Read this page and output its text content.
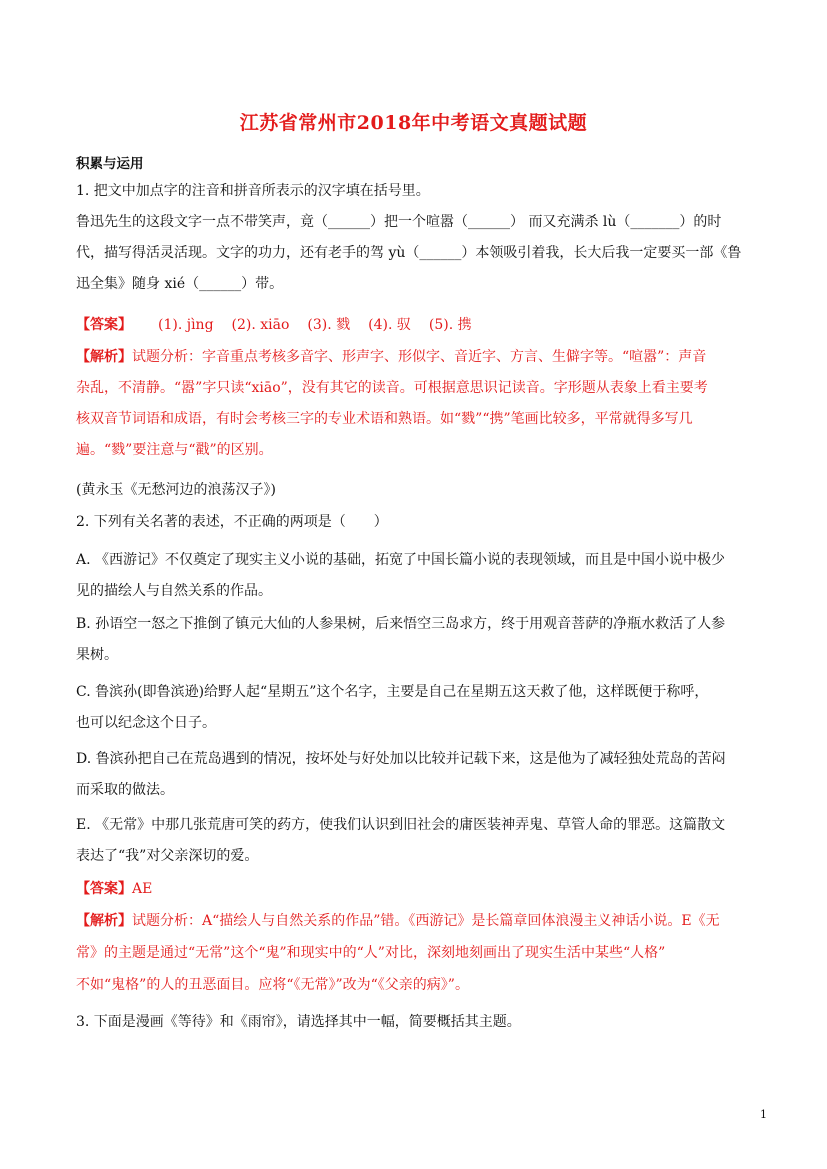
江苏省常州市2018年中考语文真题试题
积累与运用
1. 把文中加点字的注音和拼音所表示的汉字填在括号里。
鲁迅先生的这段文字一点不带笑声，竟（______）把一个喧嚣（______） 而又充满杀 lù（_______）的时
代，描写得活灵活现。文字的功力，还有老手的驾 yù（______）本领吸引着我，长大后我一定要买一部《鲁
迅全集》随身 xié（______）带。
【答案】 (1). jìng (2). xiāo (3). 戮 (4). 驭 (5). 携
【解析】试题分析：字音重点考核多音字、形声字、形似字、音近字、方言、生僻字等。“喧嚣”：声音
杂乱，不清静。“嚣”字只读“xiāo”，没有其它的读音。可根据意思识记读音。字形题从表象上看主要考
核双音节词语和成语，有时会考核三字的专业术语和熟语。如“戮”“携”笔画比较多，平常就得多写几
遍。“戮”要注意与“戳”的区别。
(黄永玉《无愁河边的浪荡汉子》)
2. 下列有关名著的表述，不正确的两项是（　　）
A. 《西游记》不仅奠定了现实主义小说的基础，拓宽了中国长篇小说的表现领域，而且是中国小说中极少
见的描绘人与自然关系的作品。
B. 孙语空一怒之下推倒了镇元大仙的人参果树，后来悟空三岛求方，终于用观音菩萨的净瓶水救活了人参
果树。
C. 鲁滨孙(即鲁滨逊)给野人起“星期五”这个名字，主要是自己在星期五这天救了他，这样既便于称呼，
也可以纪念这个日子。
D. 鲁滨孙把自己在荒岛遇到的情况，按坏处与好处加以比较并记载下来，这是他为了减轻独处荒岛的苦闷
而采取的做法。
E. 《无常》中那几张荒唐可笑的药方，使我们认识到旧社会的庸医装神弄鬼、草管人命的罪恶。这篇散文
表达了“我”对父亲深切的爱。
【答案】AE
【解析】试题分析：A“描绘人与自然关系的作品”错。《西游记》是长篇章回体浪漫主义神话小说。E《无
常》的主题是通过“无常”这个“鬼”和现实中的“人”对比，深刻地刻画出了现实生活中某些“人格”
不如“鬼格”的人的丑恶面目。应将“《无常》”改为“《父亲的病》”。
3. 下面是漫画《等待》和《雨帘》，请选择其中一幅，简要概括其主题。
1
